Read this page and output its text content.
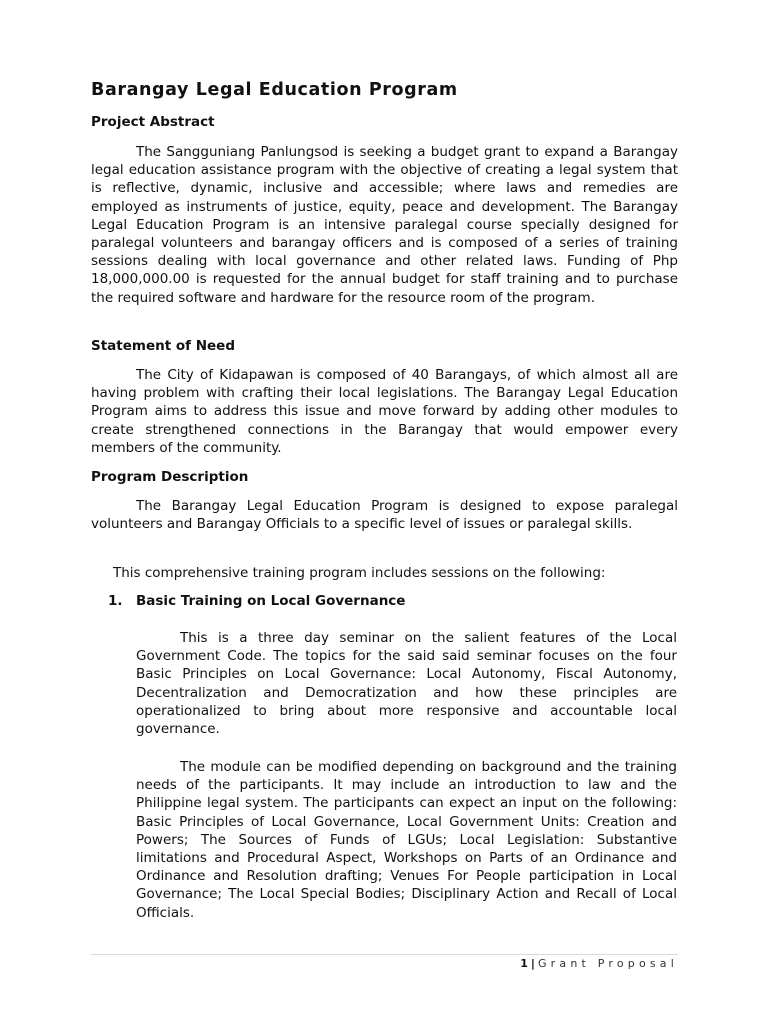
Barangay Legal Education Program
Project Abstract

The Sangguniang Panlungsod is seeking a budget grant to expand a Barangay legal education assistance program with the objective of creating a legal system that is reflective, dynamic, inclusive and accessible; where laws and remedies are employed as instruments of justice, equity, peace and development. The Barangay Legal Education Program is an intensive paralegal course specially designed for paralegal volunteers and barangay officers and is composed of a series of training sessions dealing with local governance and other related laws. Funding of Php 18,000,000.00 is requested for the annual budget for staff training and to purchase the required software and hardware for the resource room of the program.

Statement of Need

The City of Kidapawan is composed of 40 Barangays, of which almost all are having problem with crafting their local legislations. The Barangay Legal Education Program aims to address this issue and move forward by adding other modules to create strengthened connections in the Barangay that would empower every members of the community.

Program Description

The Barangay Legal Education Program is designed to expose paralegal volunteers and Barangay Officials to a specific level of issues or paralegal skills.

This comprehensive training program includes sessions on the following:

1. Basic Training on Local Governance

This is a three day seminar on the salient features of the Local Government Code. The topics for the said said seminar focuses on the four Basic Principles on Local Governance: Local Autonomy, Fiscal Autonomy, Decentralization and Democratization and how these principles are operationalized to bring about more responsive and accountable local governance.

The module can be modified depending on background and the training needs of the participants. It may include an introduction to law and the Philippine legal system. The participants can expect an input on the following: Basic Principles of Local Governance, Local Government Units: Creation and Powers; The Sources of Funds of LGUs; Local Legislation: Substantive limitations and Procedural Aspect, Workshops on Parts of an Ordinance and Ordinance and Resolution drafting; Venues For People participation in Local Governance; The Local Special Bodies; Disciplinary Action and Recall of Local Officials.

1 | Grant Proposal
